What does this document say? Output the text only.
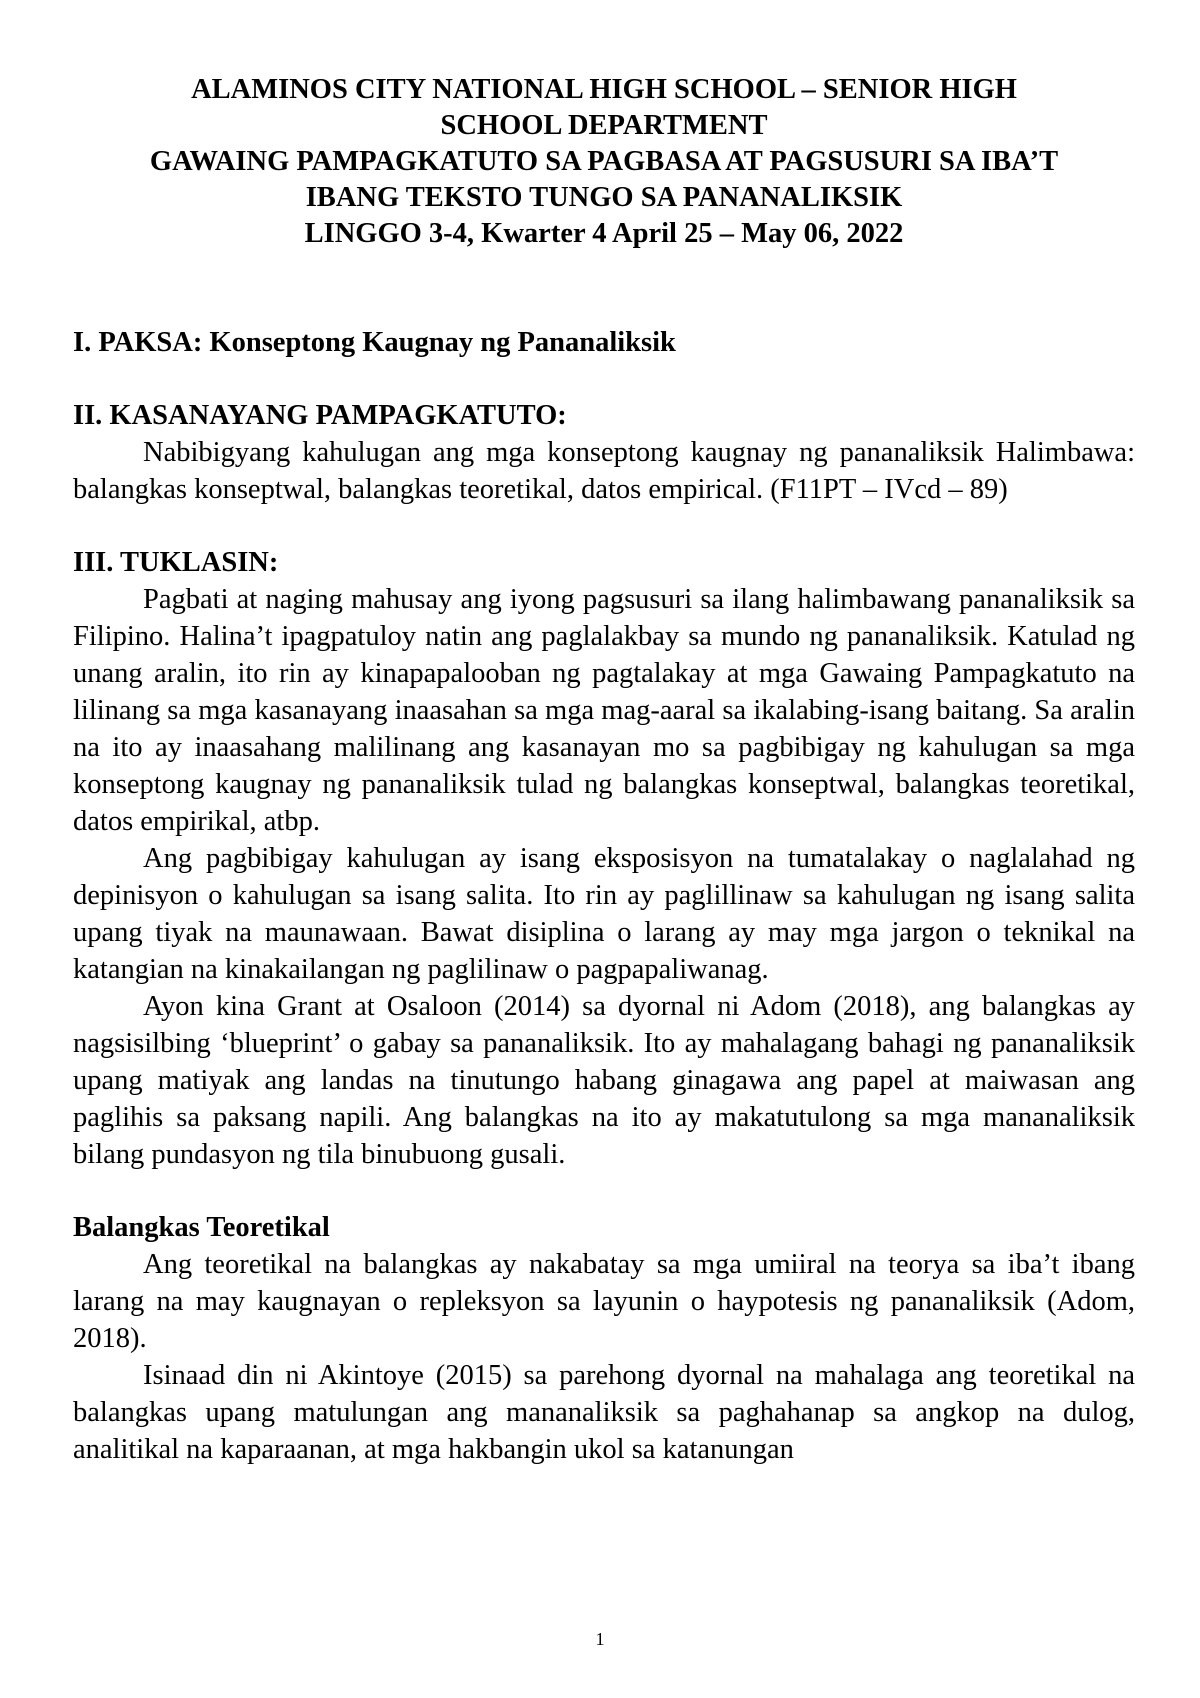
ALAMINOS CITY NATIONAL HIGH SCHOOL – SENIOR HIGH
SCHOOL DEPARTMENT
GAWAING PAMPAGKATUTO SA PAGBASA AT PAGSUSURI SA IBA’T
IBANG TEKSTO TUNGO SA PANANALIKSIK
LINGGO 3-4, Kwarter 4 April 25 – May 06, 2022

I. PAKSA: Konseptong Kaugnay ng Pananaliksik

II. KASANAYANG PAMPAGKATUTO:

Nabibigyang kahulugan ang mga konseptong kaugnay ng pananaliksik Halimbawa: balangkas konseptwal, balangkas teoretikal, datos empirical. (F11PT – IVcd – 89)

III. TUKLASIN:

Pagbati at naging mahusay ang iyong pagsusuri sa ilang halimbawang pananaliksik sa Filipino. Halina’t ipagpatuloy natin ang paglalakbay sa mundo ng pananaliksik. Katulad ng unang aralin, ito rin ay kinapapalooban ng pagtalakay at mga Gawaing Pampagkatuto na lilinang sa mga kasanayang inaasahan sa mga mag-aaral sa ikalabing-isang baitang. Sa aralin na ito ay inaasahang malilinang ang kasanayan mo sa pagbibigay ng kahulugan sa mga konseptong kaugnay ng pananaliksik tulad ng balangkas konseptwal, balangkas teoretikal, datos empirikal, atbp.

Ang pagbibigay kahulugan ay isang eksposisyon na tumatalakay o naglalahad ng depinisyon o kahulugan sa isang salita. Ito rin ay paglillinaw sa kahulugan ng isang salita upang tiyak na maunawaan. Bawat disiplina o larang ay may mga jargon o teknikal na katangian na kinakailangan ng paglilinaw o pagpapaliwanag.

Ayon kina Grant at Osaloon (2014) sa dyornal ni Adom (2018), ang balangkas ay nagsisilbing ‘blueprint’ o gabay sa pananaliksik. Ito ay mahalagang bahagi ng pananaliksik upang matiyak ang landas na tinutungo habang ginagawa ang papel at maiwasan ang paglihis sa paksang napili. Ang balangkas na ito ay makatutulong sa mga mananaliksik bilang pundasyon ng tila binubuong gusali.

Balangkas Teoretikal

Ang teoretikal na balangkas ay nakabatay sa mga umiiral na teorya sa iba’t ibang larang na may kaugnayan o repleksyon sa layunin o haypotesis ng pananaliksik (Adom, 2018).

Isinaad din ni Akintoye (2015) sa parehong dyornal na mahalaga ang teoretikal na balangkas upang matulungan ang mananaliksik sa paghahanap sa angkop na dulog, analitikal na kaparaanan, at mga hakbangin ukol sa katanungan

1
